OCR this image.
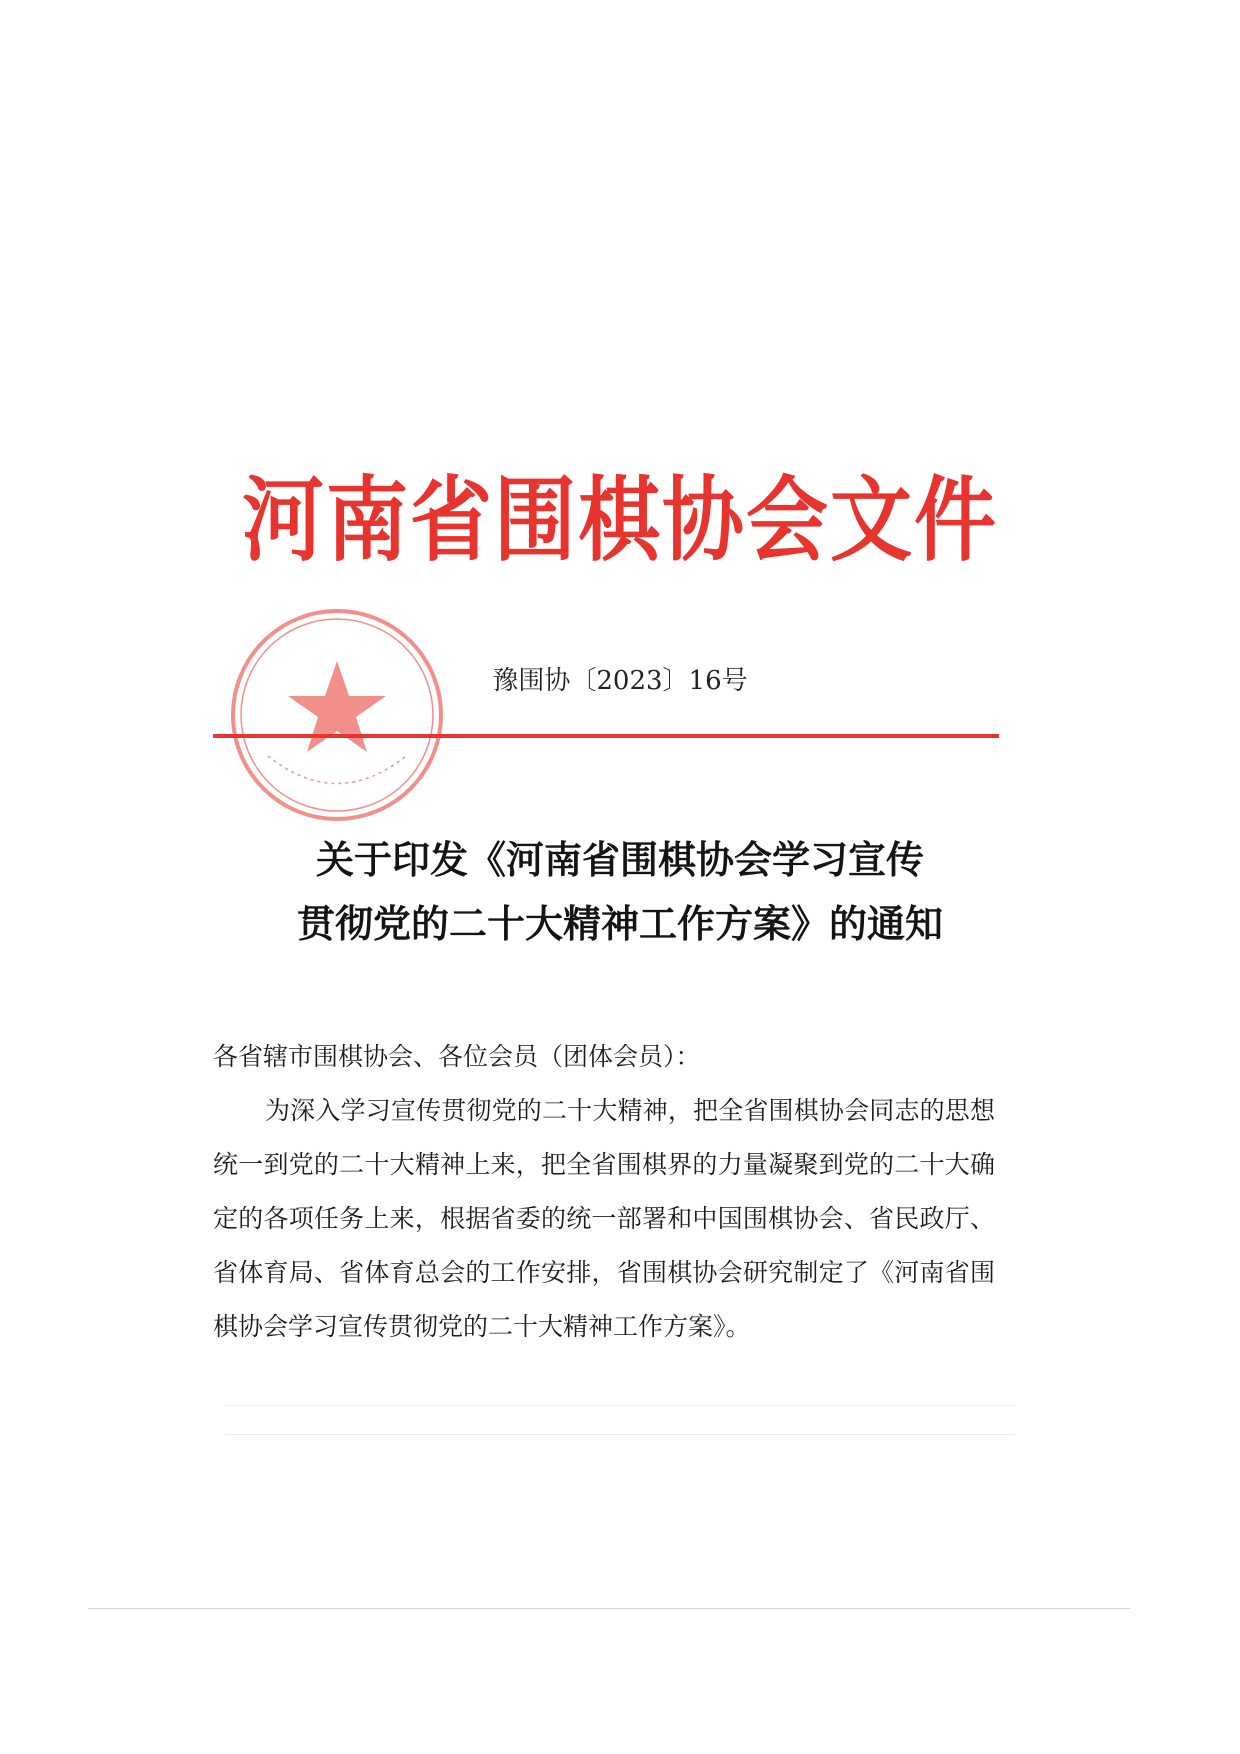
河南省围棋协会文件
豫围协〔2023〕16号
关于印发《河南省围棋协会学习宣传
贯彻党的二十大精神工作方案》的通知

各省辖市围棋协会、各位会员（团体会员）：

为深入学习宣传贯彻党的二十大精神，把全省围棋协会同志的思想统一到党的二十大精神上来，把全省围棋界的力量凝聚到党的二十大确定的各项任务上来，根据省委的统一部署和中国围棋协会、省民政厅、省体育局、省体育总会的工作安排，省围棋协会研究制定了《河南省围棋协会学习宣传贯彻党的二十大精神工作方案》。
